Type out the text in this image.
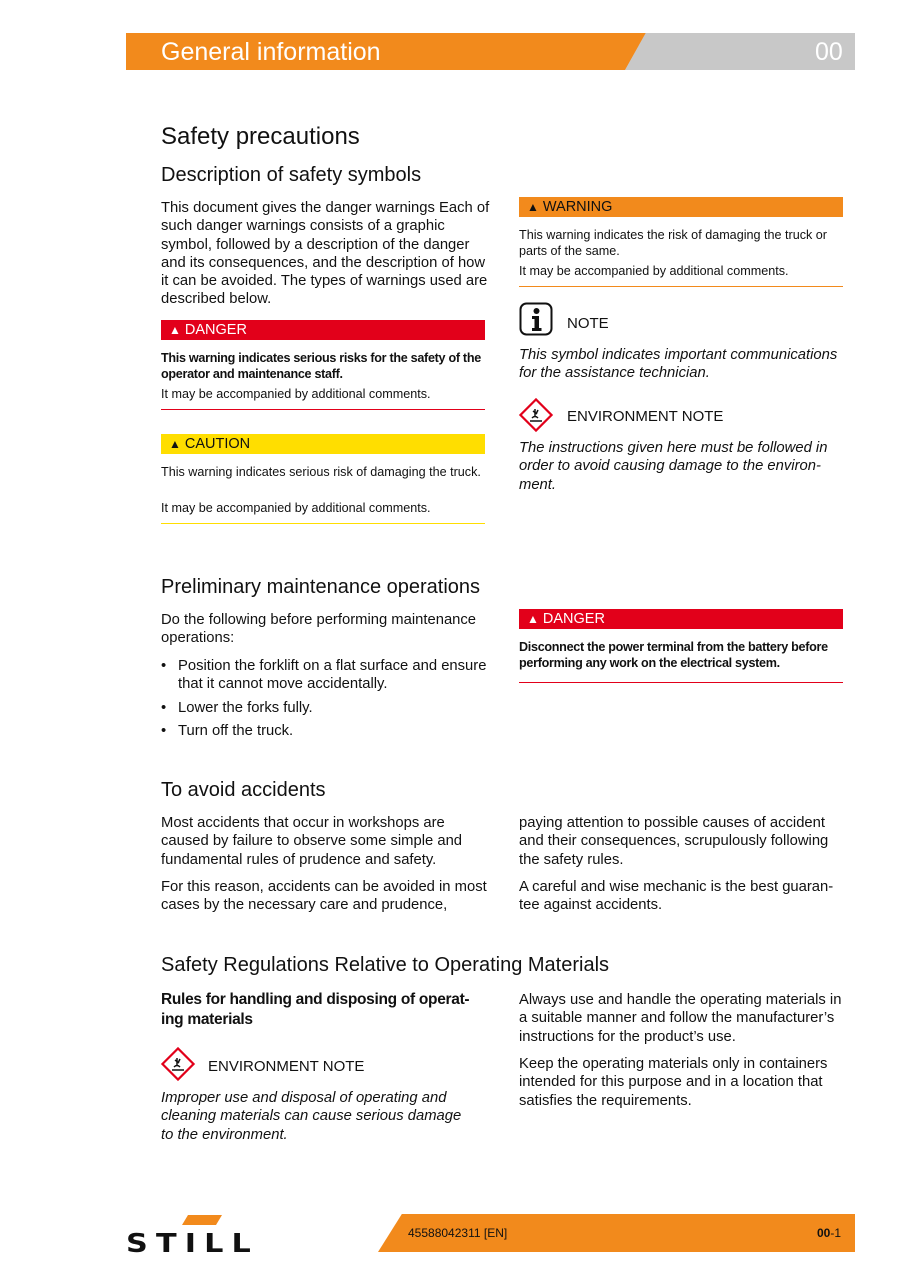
General information	00
Safety precautions
Description of safety symbols
This document gives the danger warnings Each of such danger warnings consists of a graphic symbol, followed by a description of the danger and its consequences, and the description of how it can be avoided. The types of warnings used are described below.
▲ DANGER
This warning indicates serious risks for the safety of the operator and maintenance staff.
It may be accompanied by additional comments.
▲ CAUTION
This warning indicates serious risk of damaging the truck.
It may be accompanied by additional comments.
▲ WARNING
This warning indicates the risk of damaging the truck or parts of the same.
It may be accompanied by additional comments.
NOTE
This symbol indicates important communications for the assistance technician.
ENVIRONMENT NOTE
The instructions given here must be followed in order to avoid causing damage to the environ-ment.
Preliminary maintenance operations
Do the following before performing maintenance operations:
• Position the forklift on a flat surface and ensure that it cannot move accidentally.
• Lower the forks fully.
• Turn off the truck.
▲ DANGER
Disconnect the power terminal from the battery before performing any work on the electrical system.
To avoid accidents
Most accidents that occur in workshops are caused by failure to observe some simple and fundamental rules of prudence and safety.
For this reason, accidents can be avoided in most cases by the necessary care and prudence,
paying attention to possible causes of accident and their consequences, scrupulously following the safety rules.
A careful and wise mechanic is the best guaran-tee against accidents.
Safety Regulations Relative to Operating Materials
Rules for handling and disposing of operat-ing materials
ENVIRONMENT NOTE
Improper use and disposal of operating and cleaning materials can cause serious damage to the environment.
Always use and handle the operating materials in a suitable manner and follow the manufacturer’s instructions for the product’s use.
Keep the operating materials only in containers intended for this purpose and in a location that satisfies the requirements.
STILL	45588042311 [EN]	00-1
